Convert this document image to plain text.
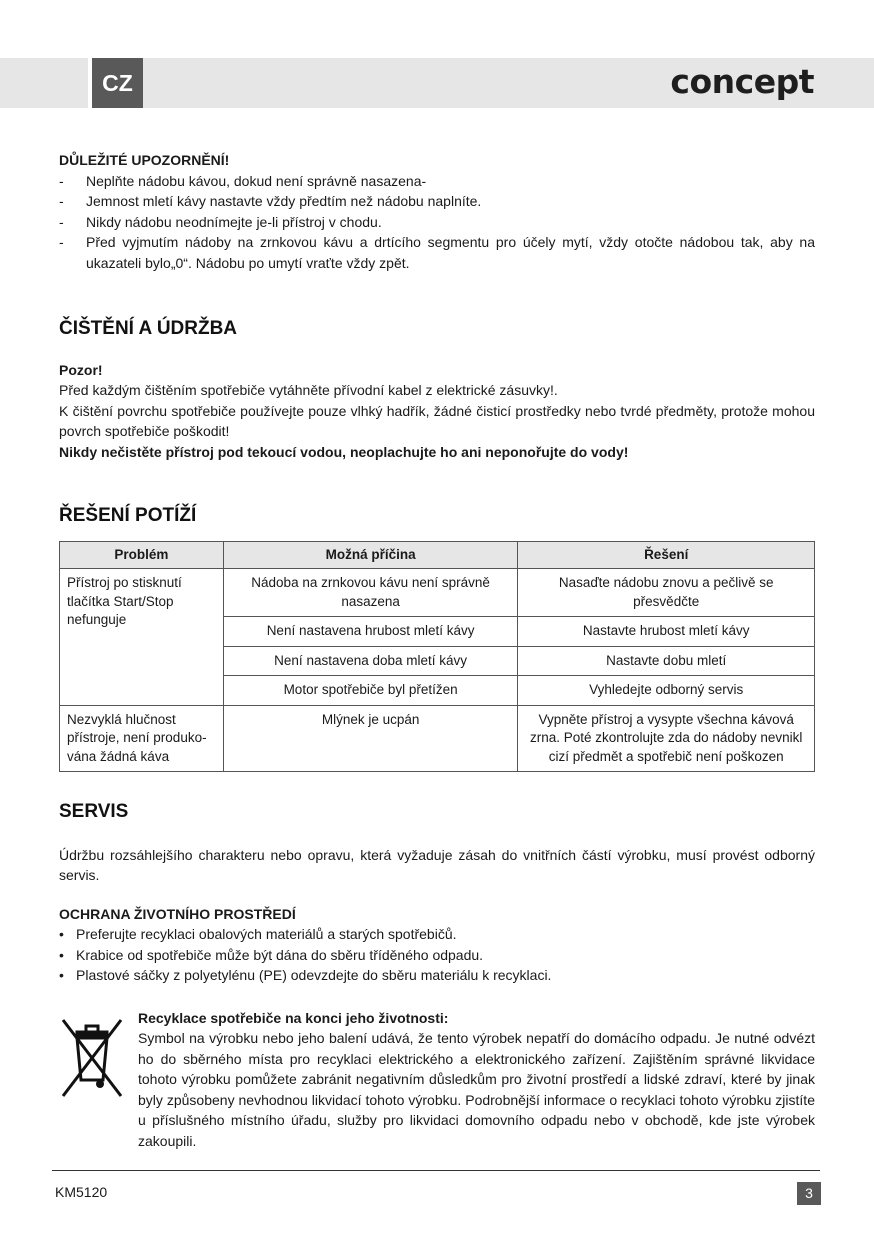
CZ	concept

DŮLEŽITÉ UPOZORNĚNÍ!

- Neplňte nádobu kávou, dokud není správně nasazena-
- Jemnost mletí kávy nastavte vždy předtím než nádobu naplníte.
- Nikdy nádobu neodnímejte je-li přístroj v chodu.
- Před vyjmutím nádoby na zrnkovou kávu a drtícího segmentu pro účely mytí, vždy otočte nádobou tak, aby na ukazateli bylo„0“. Nádobu po umytí vraťte vždy zpět.
ČIŠTĚNÍ A ÚDRŽBA

Pozor!

Před každým čištěním spotřebiče vytáhněte přívodní kabel z elektrické zásuvky!.

K čištění povrchu spotřebiče používejte pouze vlhký hadřík, žádné čisticí prostředky nebo tvrdé předměty, protože mohou povrch spotřebiče poškodit!

Nikdy nečistěte přístroj pod tekoucí vodou, neoplachujte ho ani neponořujte do vody!

ŘEŠENÍ POTÍŽÍ
Problém	Možná příčina	Řešení
Přístroj po stisknutí tlačítka Start/Stop nefunguje	Nádoba na zrnkovou kávu není správně nasazena	Nasaďte nádobu znovu a pečlivě se přesvědčte
	Není nastavena hrubost mletí kávy	Nastavte hrubost mletí kávy
	Není nastavena doba mletí kávy	Nastavte dobu mletí
	Motor spotřebiče byl přetížen	Vyhledejte odborný servis
Nezvyklá hlučnost přístroje, není produko-vána žádná káva	Mlýnek je ucpán	Vypněte přístroj a vysypte všechna kávová zrna. Poté zkontrolujte zda do nádoby nevnikl cizí předmět a spotřebič není poškozen
SERVIS

Údržbu rozsáhlejšího charakteru nebo opravu, která vyžaduje zásah do vnitřních částí výrobku, musí provést odborný servis.

OCHRANA ŽIVOTNÍHO PROSTŘEDÍ

• Preferujte recyklaci obalových materiálů a starých spotřebičů.
• Krabice od spotřebiče může být dána do sběru tříděného odpadu.
• Plastové sáčky z polyetylénu (PE) odevzdejte do sběru materiálu k recyklaci.

Recyklace spotřebiče na konci jeho životnosti:

Symbol na výrobku nebo jeho balení udává, že tento výrobek nepatří do domácího odpadu. Je nutné odvézt ho do sběrného místa pro recyklaci elektrického a elektronického zařízení. Zajištěním správné likvidace tohoto výrobku pomůžete zabránit negativním důsledkům pro životní prostředí a lidské zdraví, které by jinak byly způsobeny nevhodnou likvidací tohoto výrobku. Podrobnější informace o recyklaci tohoto výrobku zjistíte u příslušného místního úřadu, služby pro likvidaci domovního odpadu nebo v obchodě, kde jste výrobek zakoupili.

KM5120	3
